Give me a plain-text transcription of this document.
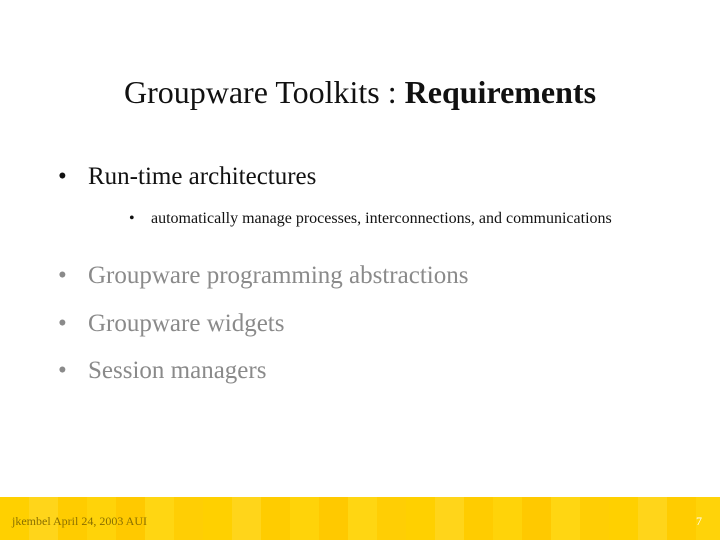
Groupware Toolkits : Requirements
• Run-time architectures
•	automatically manage processes, interconnections, and communications
• Groupware programming abstractions
• Groupware widgets
• Session managers
jkembel April 24, 2003 AUI	7
